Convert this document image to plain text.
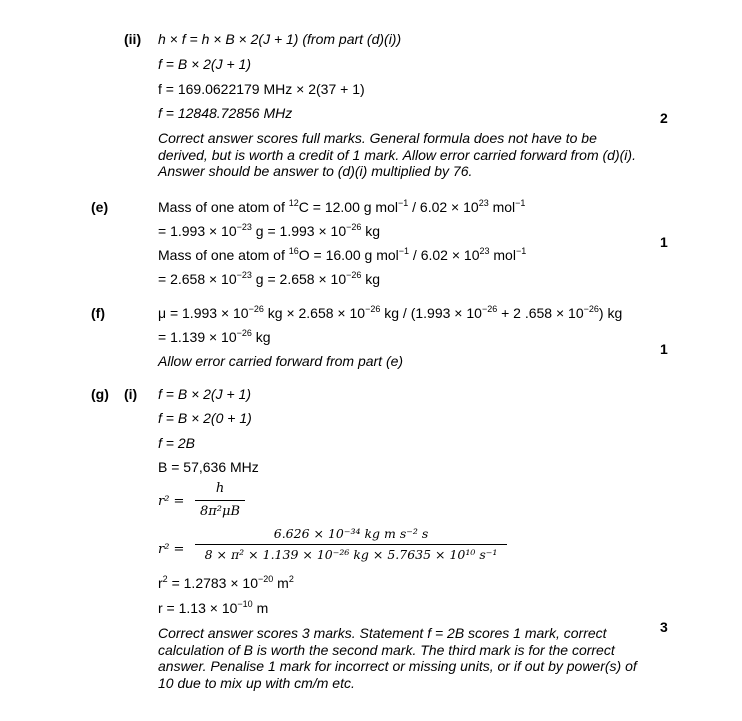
(ii) h × f = h × B × 2(J + 1) (from part (d)(i))
f = B × 2(J + 1)
f = 169.0622179 MHz × 2(37 + 1)
f = 12848.72856 MHz
Correct answer scores full marks. General formula does not have to be derived, but is worth a credit of 1 mark. Allow error carried forward from (d)(i). Answer should be answer to (d)(i) multiplied by 76.
2
(e)	Mass of one atom of $^{12}$C = 12.00 g $mol^{-1} / 6.02 \times 10^{23}$ mol$^{-1}$
= $1.993 \times 10^{-23}$ $g = 1.993 \times 10^{-26}$ kg
Mass of one atom of $^{16}$O = 16.00 g $mol^{-1} / 6.02 \times 10^{23}$ mol$^{-1}$
= $2.658 \times 10^{-23}$ $g = 2.658 \times 10^{-26}$ kg
1
(f)	$\mu = 1.993 \times 10^{-26}$ kg × $2.658 \times 10^{-26}$ kg / ($1.993 \times 10^{-26} + 2$ $.658 \times 10^{-26}$) kg
= $1.139 \times 10^{-26}$ kg
Allow error carried forward from part (e)
1
(g) (i) f = B × 2(J + 1)
f = B × 2(0 + 1)
f = 2B
B = 57,636 MHz
r² =
h
8π²μB
r² =
6.626 × 10⁻³⁴ kg m s⁻² s
8 × π² × 1.139 × 10⁻²⁶ kg × 5.7635 × 10¹⁰ s⁻¹
$r^2 = 1.2783 \times 10^{-20}$ $m^2$
$r = 1.13 \times 10^{-10}$ m
Correct answer scores 3 marks. Statement f = 2B scores 1 mark, correct calculation of B is worth the second mark. The third mark is for the correct answer. Penalise 1 mark for incorrect or missing units, or if out by power(s) of 10 due to mix up with cm/m etc.
3
